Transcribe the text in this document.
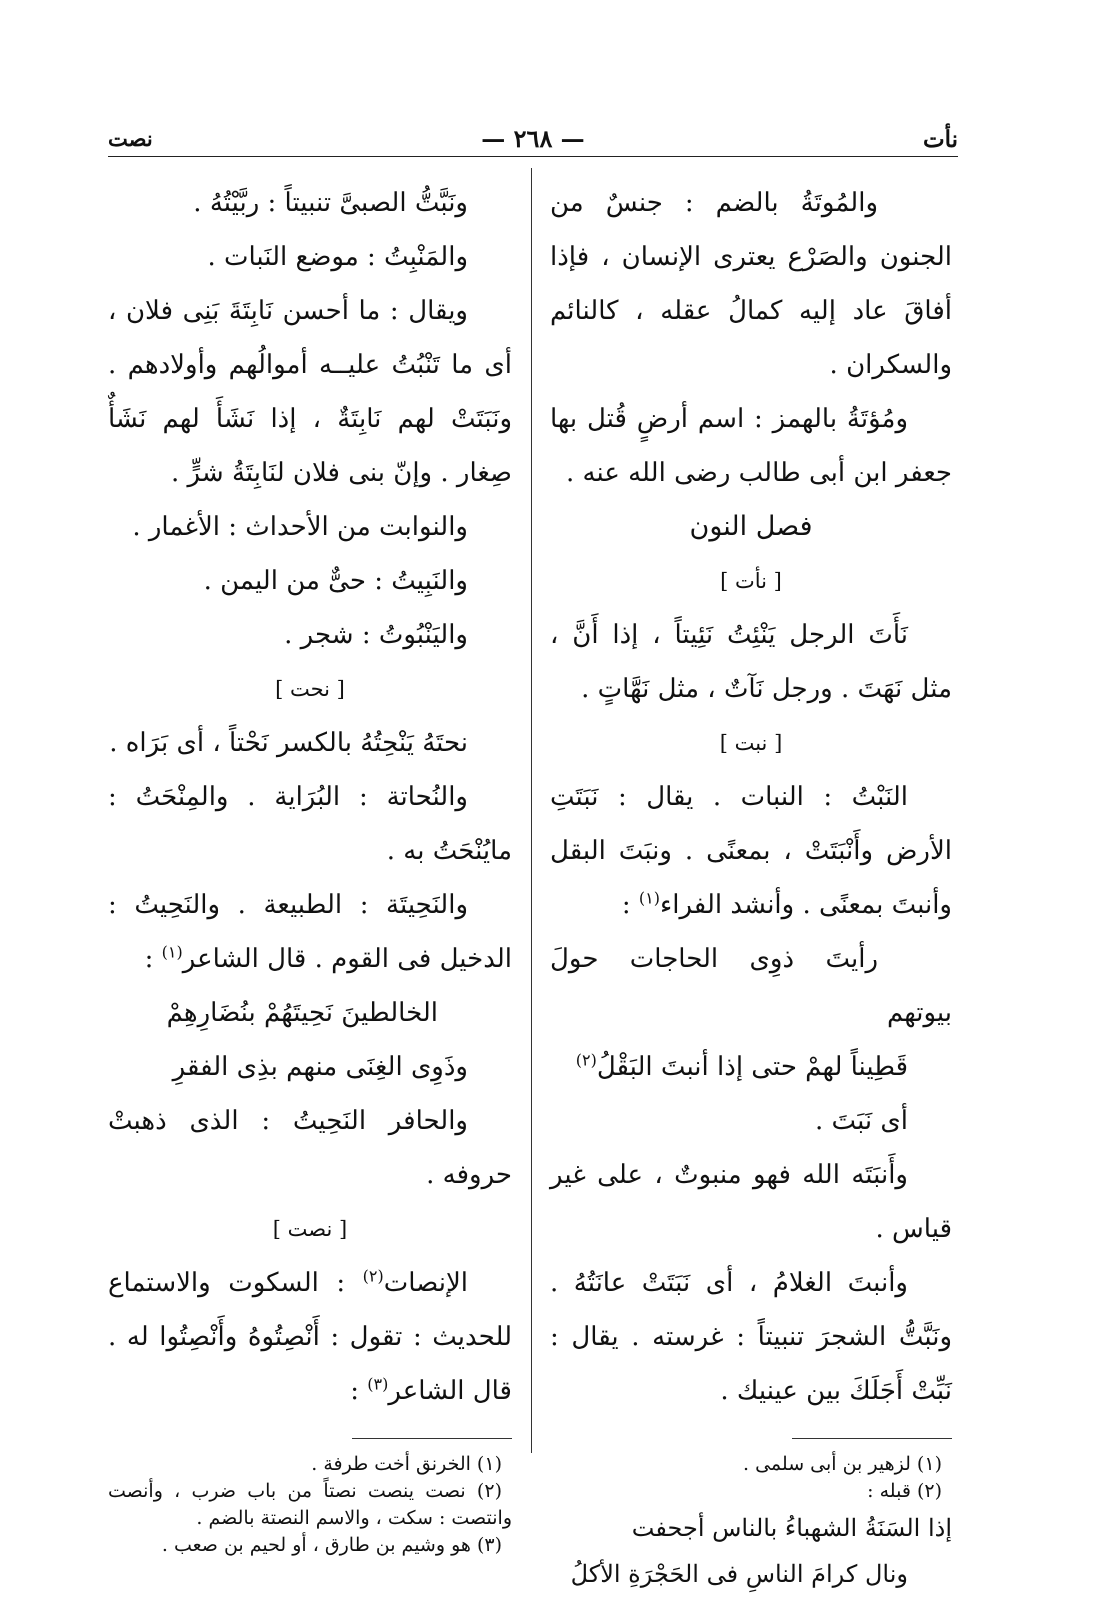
نأت
— ٢٦٨ —
نصت

والمُوتَةُ بالضم : جنسٌ من الجنون والصَرْع يعترى الإنسان ، فإذا أفاقَ عاد إليه كمالُ عقله ، كالنائم والسكران .

ومُؤتَةُ بالهمز : اسم أرضٍ قُتل بها جعفر ابن أبى طالب رضى الله عنه .

فصل النون

[ نأت ]

نَأَتَ الرجل يَنْئِتُ نَئِيتاً ، إذا أَنَّ ، مثل نَهَتَ . ورجل نَآتٌ ، مثل نَهَّاتٍ .

[ نبت ]

النَبْتُ : النبات . يقال : نَبَتَتِ الأرض وأَنْبَتَتْ ، بمعنًى . ونبَتَ البقل وأنبتَ بمعنًى . وأنشد الفراء$^{(١)}$ :

رأيتَ ذوِى الحاجات حولَ بيوتهم

قَطِيناً لهمْ حتى إذا أنبتَ البَقْلُ$^{(٢)}$

أى نَبَتَ .

وأَنبَتَه الله فهو منبوتٌ ، على غير قياس .

وأنبتَ الغلامُ ، أى نَبَتَتْ عانَتُهُ . ونَبَّتُّ الشجرَ تنبيتاً : غرسته . يقال : نَبِّتْ أَجَلَكَ بين عينيك .

(١) لزهير بن أبى سلمى .
(٢) قبله :
إذا السَنَةُ الشهباءُ بالناس أجحفت
ونال كرامَ الناسِ فى الحَجْرَةِ الأكلُ

ونَبَّتُّ الصبىَّ تنبيتاً : ربَّيْتُهُ .

والمَنْبِتُ : موضع النَبات .

ويقال : ما أحسن نَابِتَةَ بَنِى فلان ، أى ما تَنْبُتُ عليــه أموالُهم وأولادهم . ونَبَتَتْ لهم نَابِتَةٌ ، إذا نَشَأَ لهم نَشَأٌ صِغار . وإنّ بنى فلان لنَابِتَةُ شرٍّ .

والنوابت من الأحداث : الأغمار .

والنَبِيتُ : حىٌّ من اليمن .

واليَنْبُوتُ : شجر .

[ نحت ]

نحتَهُ يَنْحِتُهُ بالكسر نَحْتاً ، أى بَرَاه .

والنُحاتة : البُرَاية . والمِنْحَتُ : مايُنْحَتُ به .

والنَحِيتَة : الطبيعة . والنَحِيتُ : الدخيل فى القوم . قال الشاعر$^{(١)}$ :

الخالطينَ نَحِيتَهُمْ بنُضَارِهِمْ

وذَوِى الغِنَى منهم بذِى الفقرِ

والحافر النَحِيتُ : الذى ذهبتْ حروفه .

[ نصت ]

الإنصات$^{(٢)}$ : السكوت والاستماع للحديث : تقول : أَنْصِتُوهُ وأَنْصِتُوا له . قال الشاعر$^{(٣)}$ :

(١) الخرنق أخت طرفة .
(٢) نصت ينصت نصتاً من باب ضرب ، وأنصت وانتصت : سكت ، والاسم النصتة بالضم .
(٣) هو وشيم بن طارق ، أو لحيم بن صعب .
